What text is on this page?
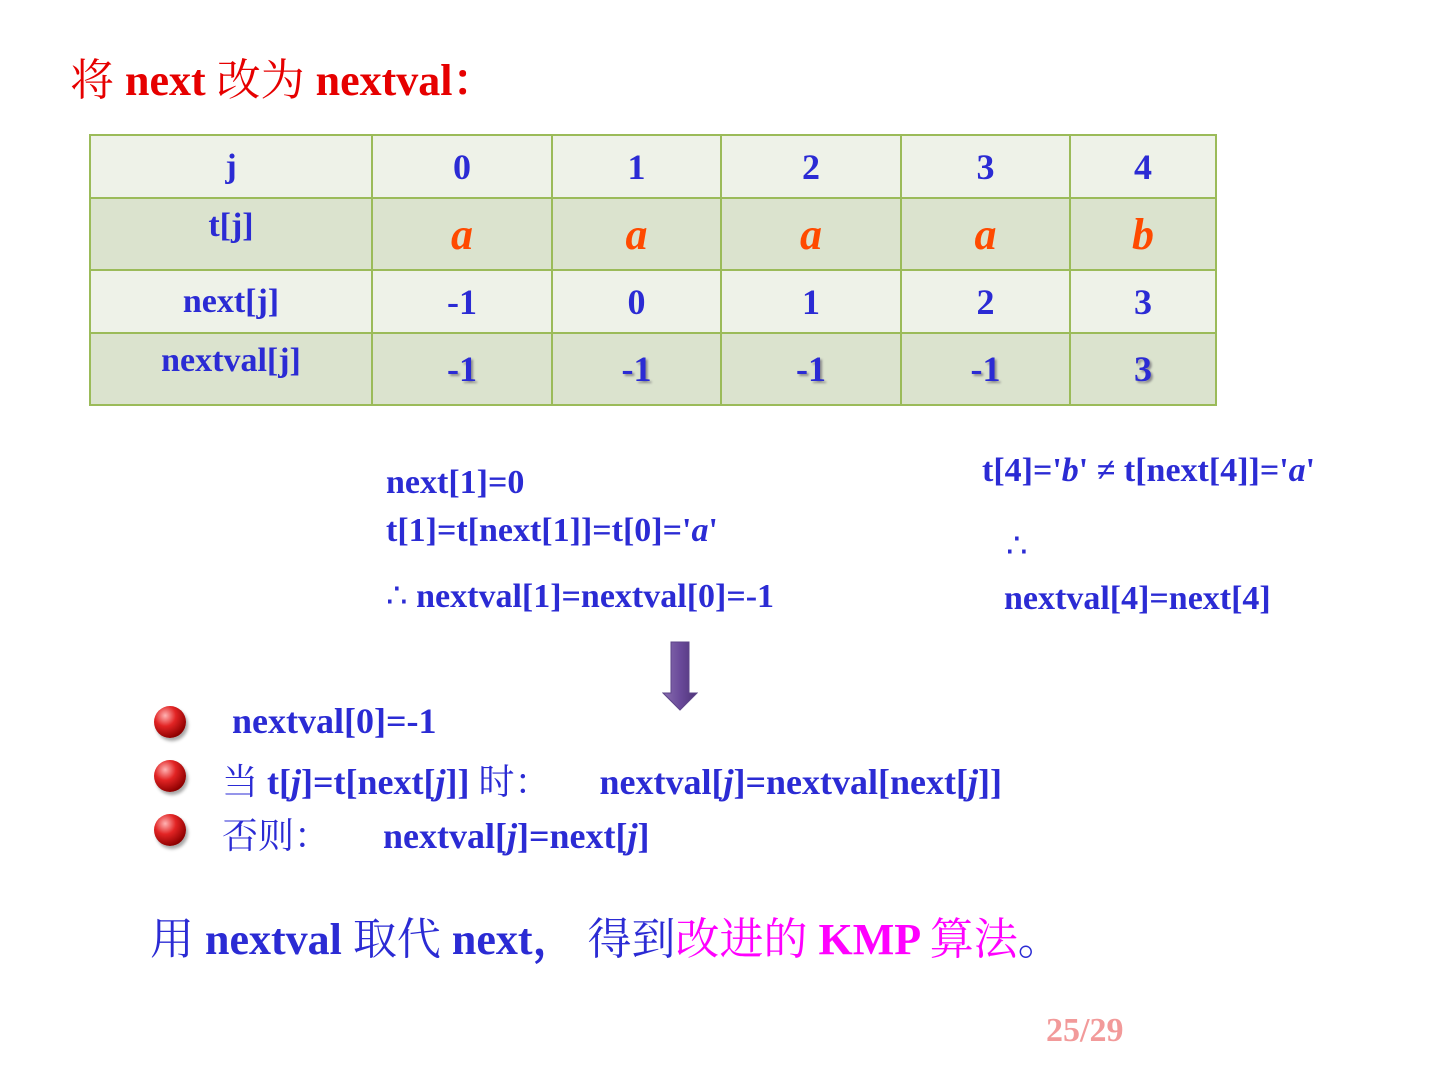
将 next 改为 nextval：
j	0	1	2	3	4
t[j]	a	a	a	a	b
next[j]	-1	0	1	2	3
nextval[j]	-1	-1	-1	-1	3
next[1]=0
t[1]=t[next[1]]=t[0]='a'
∴ nextval[1]=nextval[0]=-1
t[4]='b' ≠ t[next[4]]='a'
∴
nextval[4]=next[4]
nextval[0]=-1
当 t[j]=t[next[j]] 时： nextval[j]=nextval[next[j]]
否则： nextval[j]=next[j]
用 nextval 取代 next， 得到改进的 KMP 算法。
25/29
